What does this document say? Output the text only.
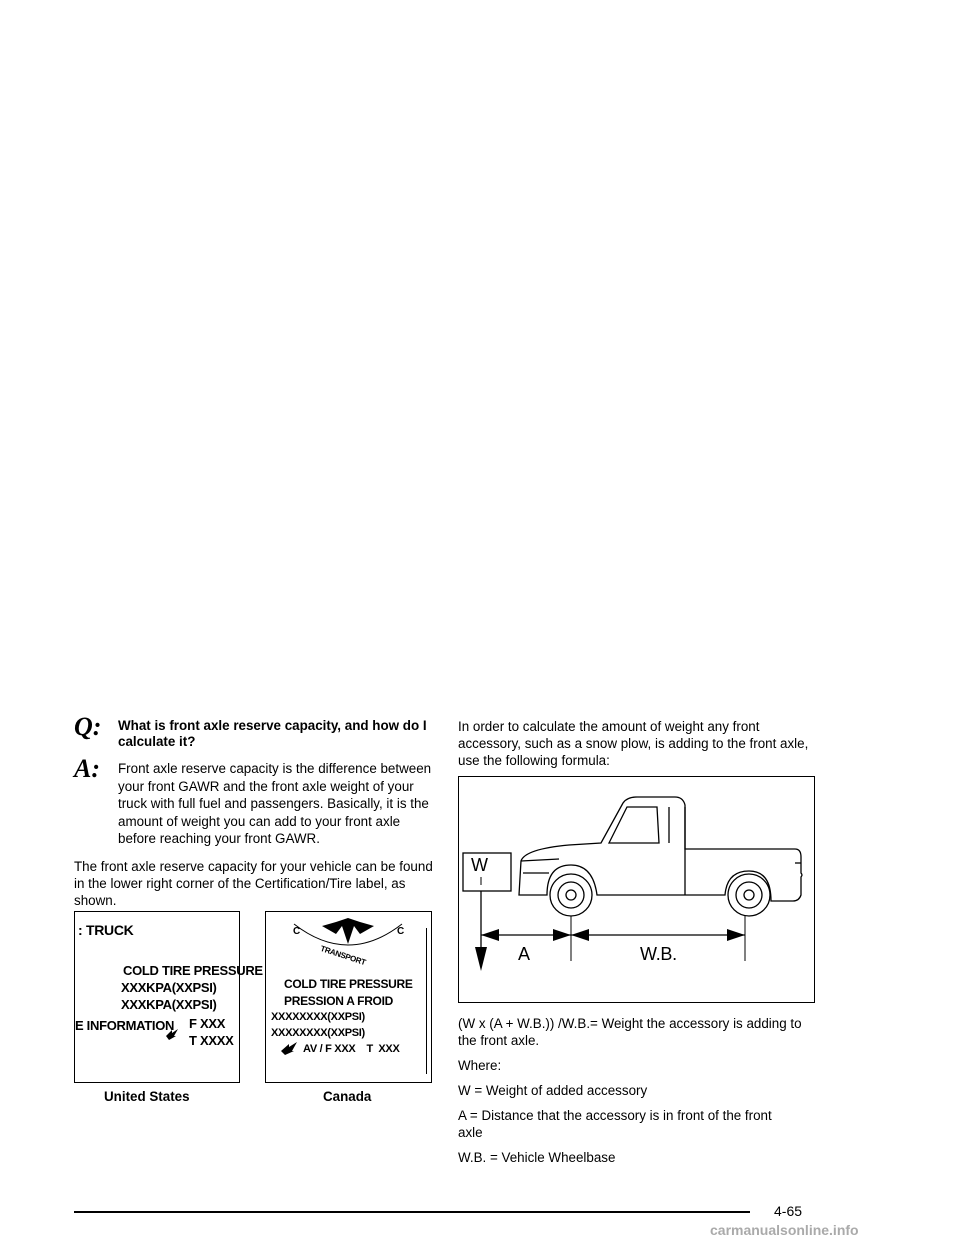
Q: What is front axle reserve capacity, and how do I calculate it?
A: Front axle reserve capacity is the difference between your front GAWR and the front axle weight of your truck with full fuel and passengers. Basically, it is the amount of weight you can add to your front axle before reaching your front GAWR.

The front axle reserve capacity for your vehicle can be found in the lower right corner of the Certification/Tire label, as shown.

: TRUCK
COLD TIRE PRESSURE
XXXKPA(XXPSI)
XXXKPA(XXPSI)
E INFORMATION F XXX
T XXXX
United States
C	C
TRANSPORT
COLD TIRE PRESSURE
PRESSION A FROID
XXXXXXXX(XXPSI)
XXXXXXXX(XXPSI)
AV / F XXX    T  XXX
Canada

In order to calculate the amount of weight any front accessory, such as a snow plow, is adding to the front axle, use the following formula:

W
A	W.B.

(W x (A + W.B.)) /W.B.= Weight the accessory is adding to the front axle.

Where:

W = Weight of added accessory

A = Distance that the accessory is in front of the front axle

W.B. = Vehicle Wheelbase

4-65
carmanualsonline.info
